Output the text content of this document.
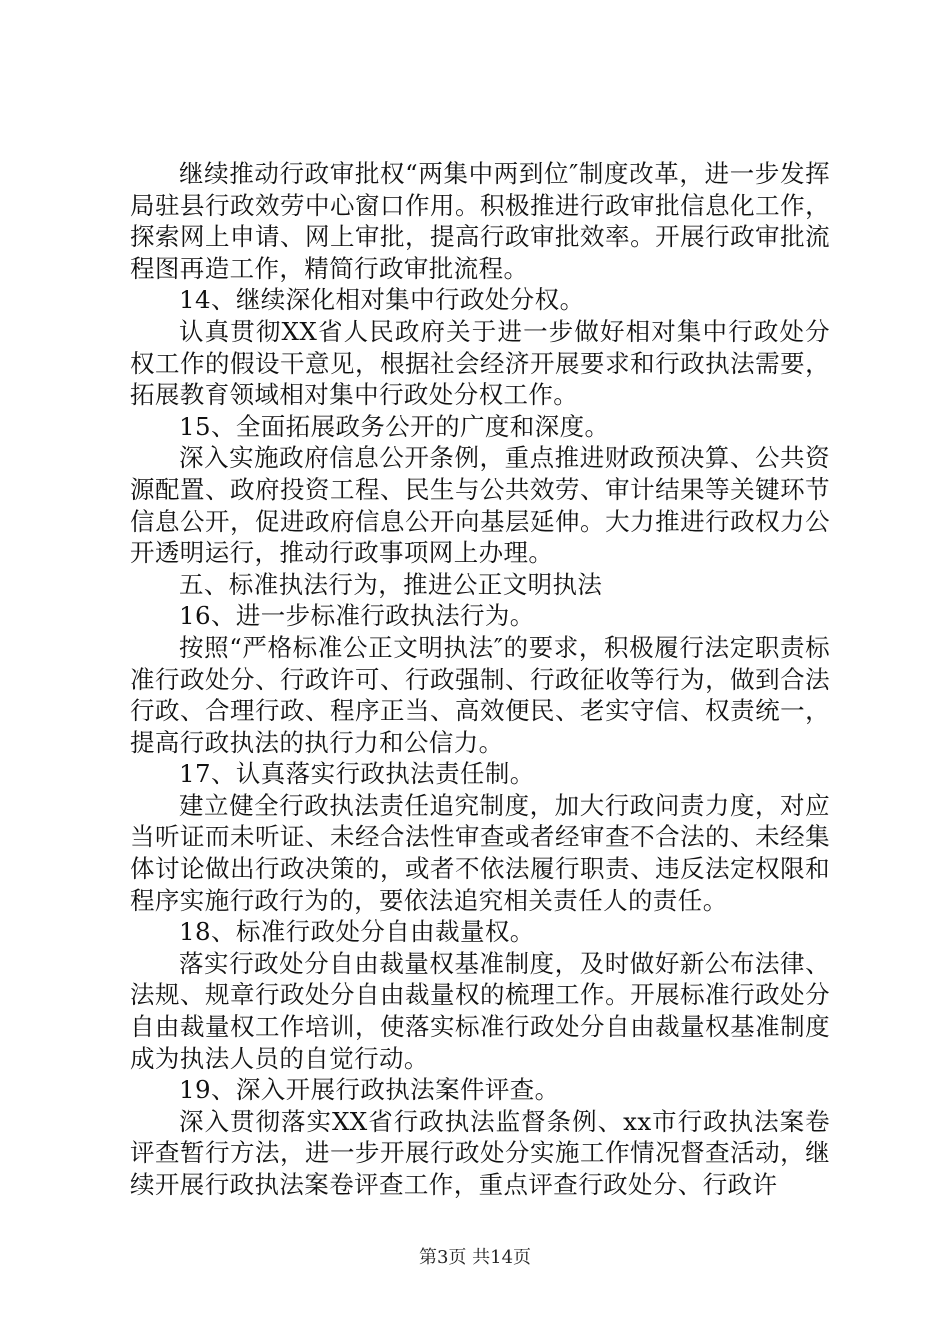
继续推动行政审批权“两集中两到位″制度改革，进一步发挥局驻县行政效劳中心窗口作用。积极推进行政审批信息化工作，探索网上申请、网上审批，提高行政审批效率。开展行政审批流程图再造工作，精简行政审批流程。

14、继续深化相对集中行政处分权。

认真贯彻XX省人民政府关于进一步做好相对集中行政处分权工作的假设干意见，根据社会经济开展要求和行政执法需要，拓展教育领域相对集中行政处分权工作。

15、全面拓展政务公开的广度和深度。

深入实施政府信息公开条例，重点推进财政预决算、公共资源配置、政府投资工程、民生与公共效劳、审计结果等关键环节信息公开，促进政府信息公开向基层延伸。大力推进行政权力公开透明运行，推动行政事项网上办理。

五、标准执法行为，推进公正文明执法

16、进一步标准行政执法行为。

按照“严格标准公正文明执法″的要求，积极履行法定职责标准行政处分、行政许可、行政强制、行政征收等行为，做到合法行政、合理行政、程序正当、高效便民、老实守信、权责统一，提高行政执法的执行力和公信力。

17、认真落实行政执法责任制。

建立健全行政执法责任追究制度，加大行政问责力度，对应当听证而未听证、未经合法性审查或者经审查不合法的、未经集体讨论做出行政决策的，或者不依法履行职责、违反法定权限和程序实施行政行为的，要依法追究相关责任人的责任。

18、标准行政处分自由裁量权。

落实行政处分自由裁量权基准制度，及时做好新公布法律、法规、规章行政处分自由裁量权的梳理工作。开展标准行政处分自由裁量权工作培训，使落实标准行政处分自由裁量权基准制度成为执法人员的自觉行动。

19、深入开展行政执法案件评查。

深入贯彻落实XX省行政执法监督条例、xx市行政执法案卷评查暂行方法，进一步开展行政处分实施工作情况督查活动，继续开展行政执法案卷评查工作，重点评查行政处分、行政许

第3页 共14页
